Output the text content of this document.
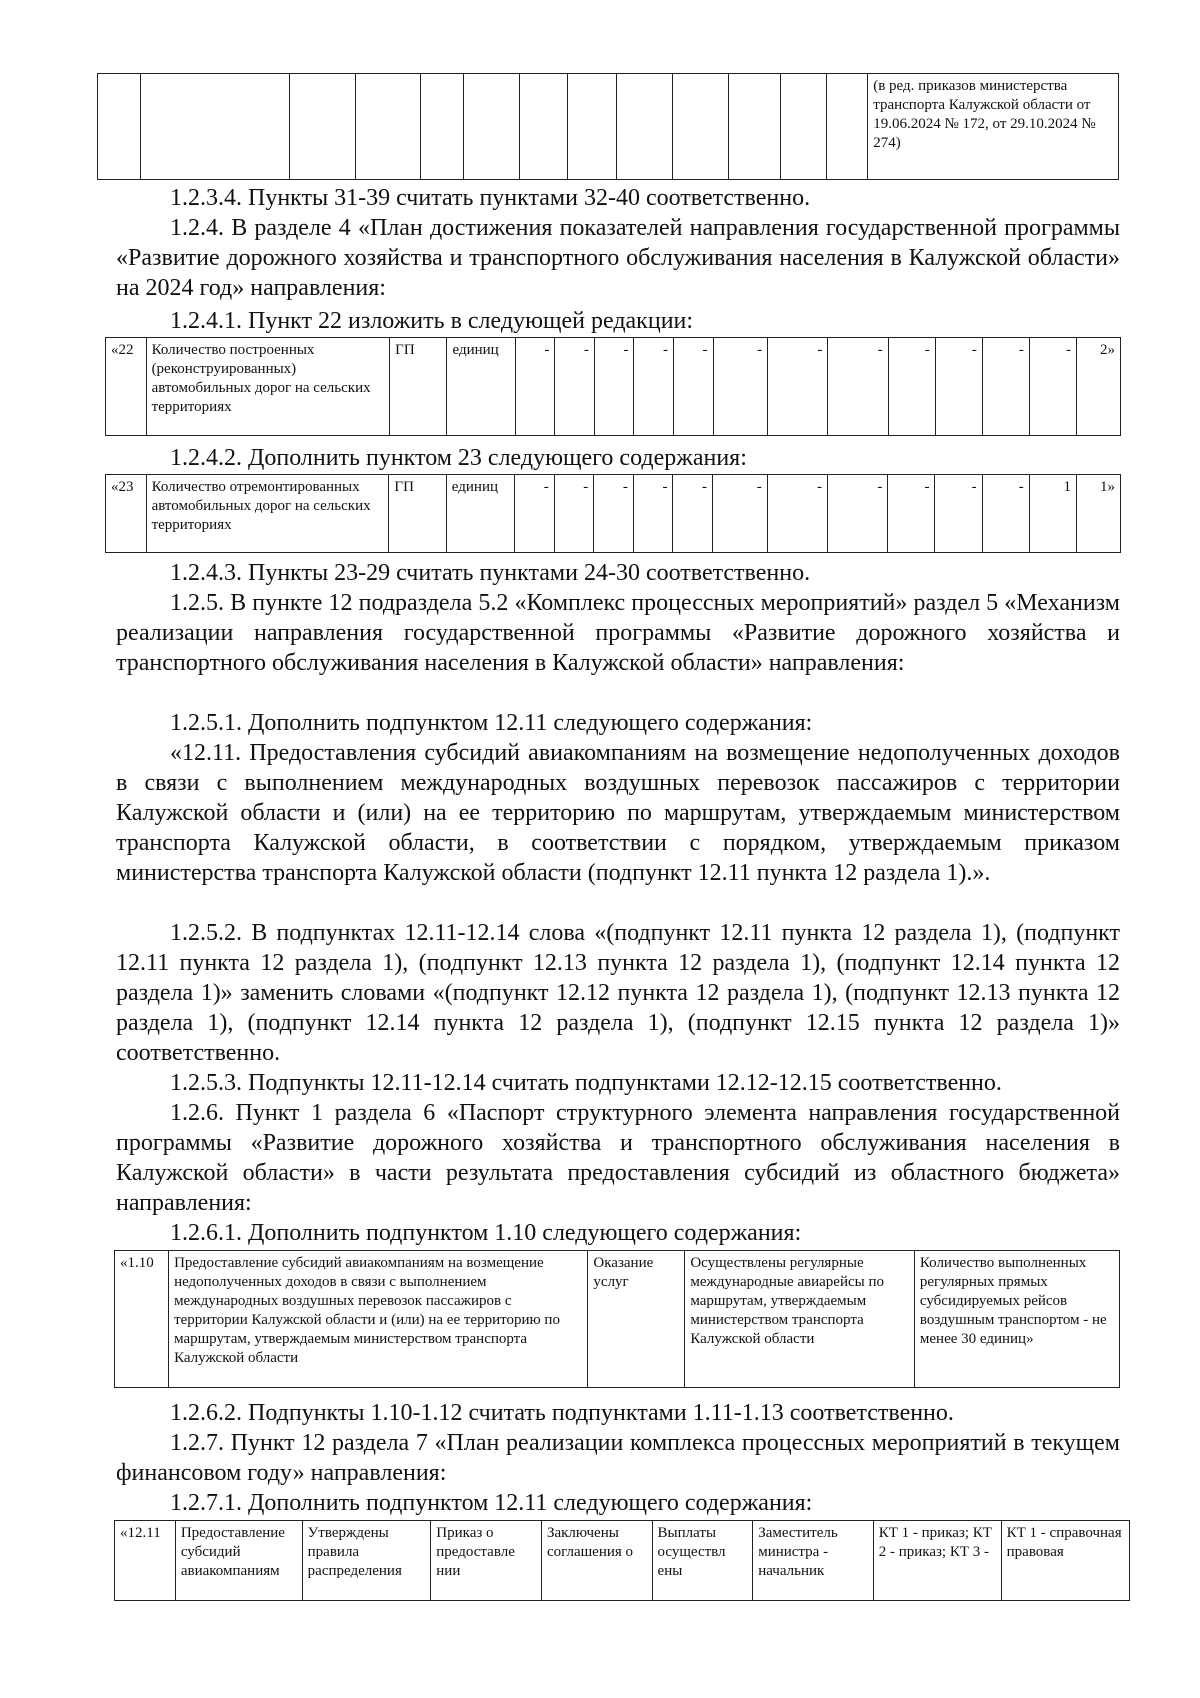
													(в ред. приказов министерства транспорта Калужской области от 19.06.2024 № 172, от 29.10.2024 № 274)

1.2.3.4. Пункты 31-39 считать пунктами 32-40 соответственно.

1.2.4. В разделе 4 «План достижения показателей направления государственной программы «Развитие дорожного хозяйства и транспортного обслуживания населения в Калужской области» на 2024 год» направления:

1.2.4.1. Пункт 22 изложить в следующей редакции:

«22	Количество построенных (реконструированных) автомобильных дорог на сельских территориях	ГП	единиц	-	-	-	-	-	-	-	-	-	-	-	-	2»

1.2.4.2. Дополнить пунктом 23 следующего содержания:

«23	Количество отремонтированных автомобильных дорог на сельских территориях	ГП	единиц	-	-	-	-	-	-	-	-	-	-	-	1	1»

1.2.4.3. Пункты 23-29 считать пунктами 24-30 соответственно.

1.2.5. В пункте 12 подраздела 5.2 «Комплекс процессных мероприятий» раздел 5 «Механизм реализации направления государственной программы «Развитие дорожного хозяйства и транспортного обслуживания населения в Калужской области» направления:

1.2.5.1. Дополнить подпунктом 12.11 следующего содержания:

«12.11. Предоставления субсидий авиакомпаниям на возмещение недополученных доходов в связи с выполнением международных воздушных перевозок пассажиров с территории Калужской области и (или) на ее территорию по маршрутам, утверждаемым министерством транспорта Калужской области, в соответствии с порядком, утверждаемым приказом министерства транспорта Калужской области (подпункт 12.11 пункта 12 раздела 1).».

1.2.5.2. В подпунктах 12.11-12.14 слова «(подпункт 12.11 пункта 12 раздела 1), (подпункт 12.11 пункта 12 раздела 1), (подпункт 12.13 пункта 12 раздела 1), (подпункт 12.14 пункта 12 раздела 1)» заменить словами «(подпункт 12.12 пункта 12 раздела 1), (подпункт 12.13 пункта 12 раздела 1), (подпункт 12.14 пункта 12 раздела 1), (подпункт 12.15 пункта 12 раздела 1)» соответственно.

1.2.5.3. Подпункты 12.11-12.14 считать подпунктами 12.12-12.15 соответственно.

1.2.6. Пункт 1 раздела 6 «Паспорт структурного элемента направления государственной программы «Развитие дорожного хозяйства и транспортного обслуживания населения в Калужской области» в части результата предоставления субсидий из областного бюджета» направления:

1.2.6.1. Дополнить подпунктом 1.10 следующего содержания:

«1.10	Предоставление субсидий авиакомпаниям на возмещение недополученных доходов в связи с выполнением международных воздушных перевозок пассажиров с территории Калужской области и (или) на ее территорию по маршрутам, утверждаемым министерством транспорта Калужской области	Оказание услуг	Осуществлены регулярные международные авиарейсы по маршрутам, утверждаемым министерством транспорта Калужской области	Количество выполненных регулярных прямых субсидируемых рейсов воздушным транспортом - не менее 30 единиц»

1.2.6.2. Подпункты 1.10-1.12 считать подпунктами 1.11-1.13 соответственно.

1.2.7. Пункт 12 раздела 7 «План реализации комплекса процессных мероприятий в текущем финансовом году» направления:

1.2.7.1. Дополнить подпунктом 12.11 следующего содержания:

«12.11	Предоставление субсидий авиакомпаниям	Утверждены правила распределения	Приказ о предоставле нии	Заключены соглашения о	Выплаты осуществл ены	Заместитель министра - начальник	КТ 1 - приказ; КТ 2 - приказ; КТ 3 -	КТ 1 - справочная правовая
